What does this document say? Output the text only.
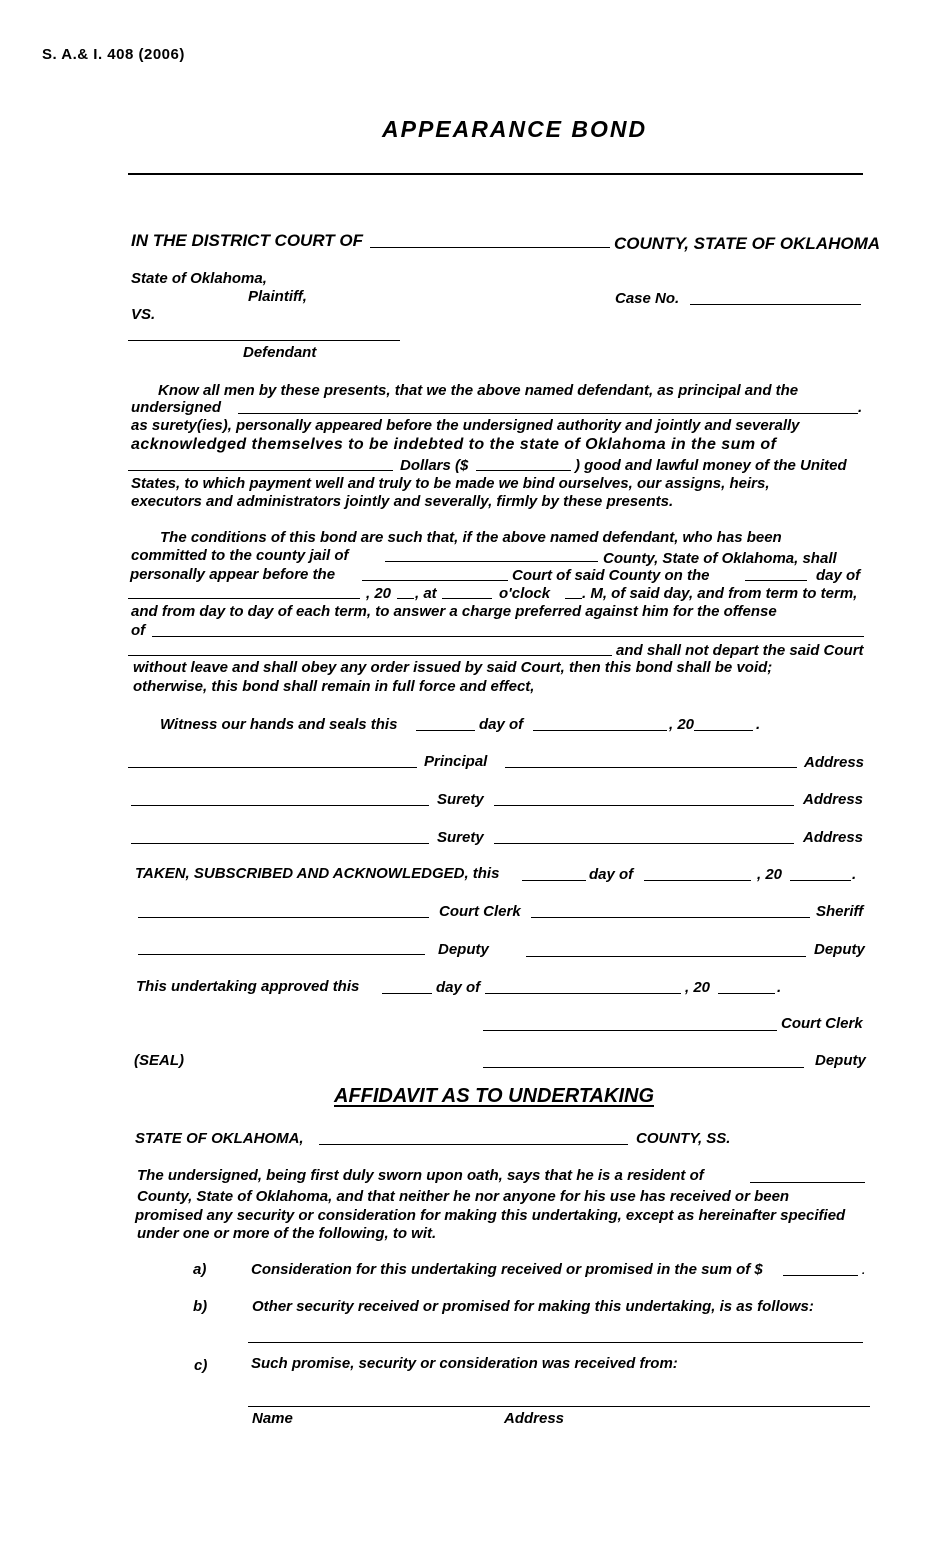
S. A.& I. 408 (2006)
APPEARANCE BOND
IN THE DISTRICT COURT OF	COUNTY, STATE OF OKLAHOMA
State of Oklahoma,
Plaintiff,
VS.
Case No.
Defendant
Know all men by these presents, that we the above named defendant, as principal and the
undersigned	.
as surety(ies), personally appeared before the undersigned authority and jointly and severally
acknowledged themselves to be indebted to the state of Oklahoma in the sum of
Dollars ($	) good and lawful money of the United
States, to which payment well and truly to be made we bind ourselves, our assigns, heirs,
executors and administrators jointly and severally, firmly by these presents.
The conditions of this bond are such that, if the above named defendant, who has been
committed to the county jail of	County, State of Oklahoma, shall
personally appear before the	Court of said County on the	day of
, 20 , at	o'clock . M, of said day, and from term to term,
and from day to day of each term, to answer a charge preferred against him for the offense
of
and shall not depart the said Court
without leave and shall obey any order issued by said Court, then this bond shall be void;
otherwise, this bond shall remain in full force and effect,
Witness our hands and seals this	day of	, 20	.
Principal	Address
Surety	Address
Surety	Address
TAKEN, SUBSCRIBED AND ACKNOWLEDGED, this	day of	, 20	.
Court Clerk	Sheriff
Deputy	Deputy
This undertaking approved this	day of	, 20	.
Court Clerk
(SEAL)	Deputy
AFFIDAVIT AS TO UNDERTAKING
STATE OF OKLAHOMA,	COUNTY, SS.
The undersigned, being first duly sworn upon oath, says that he is a resident of
County, State of Oklahoma, and that neither he nor anyone for his use has received or been
promised any security or consideration for making this undertaking, except as hereinafter specified
under one or more of the following, to wit.
a)	Consideration for this undertaking received or promised in the sum of $	.
b)	Other security received or promised for making this undertaking, is as follows:
c)	Such promise, security or consideration was received from:
Name	Address
